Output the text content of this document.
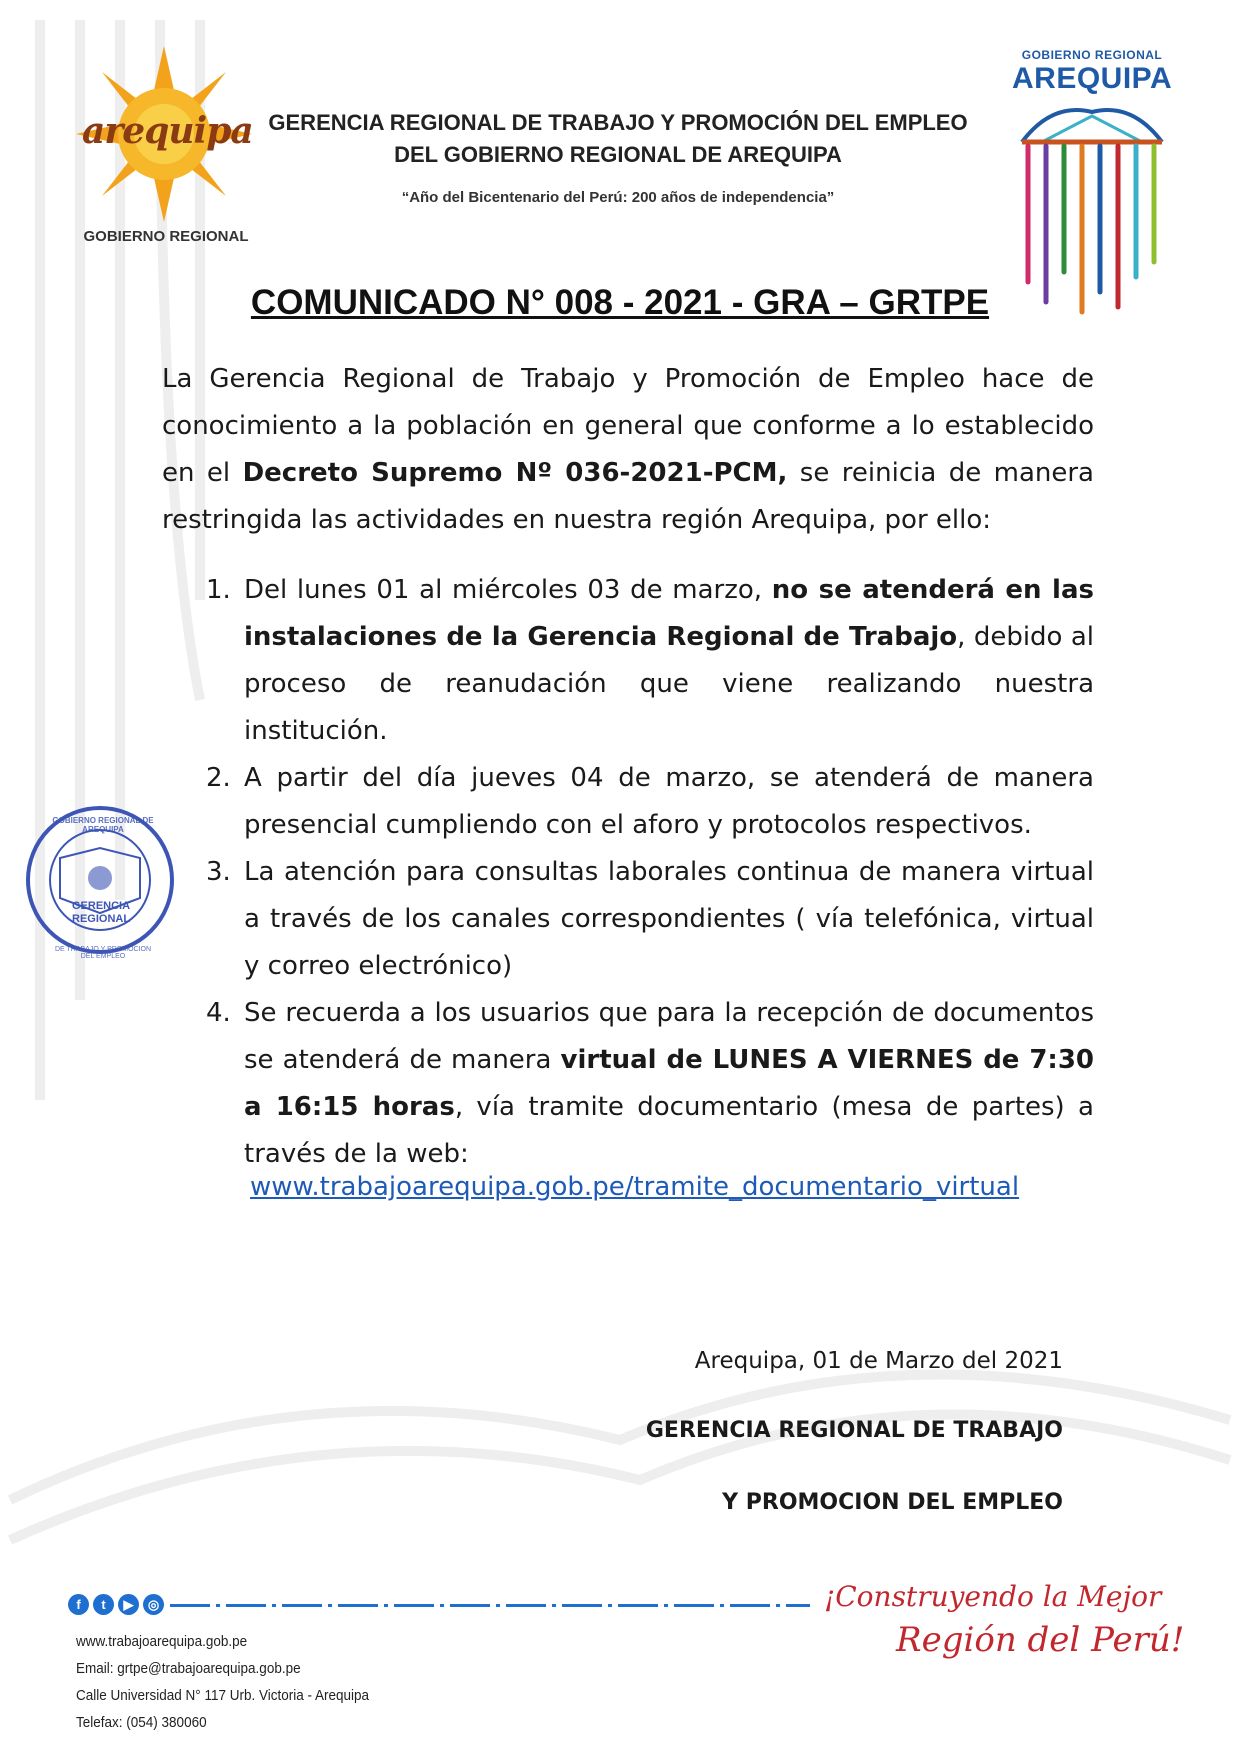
arequipa
GOBIERNO REGIONAL
GERENCIA REGIONAL DE TRABAJO Y PROMOCIÓN DEL EMPLEO
DEL GOBIERNO REGIONAL DE AREQUIPA
“Año del Bicentenario del Perú: 200 años de independencia”
GOBIERNO REGIONAL
AREQUIPA
COMUNICADO N° 008 - 2021 - GRA – GRTPE
La Gerencia Regional de Trabajo y Promoción de Empleo hace de conocimiento a la población en general que conforme a lo establecido en el Decreto Supremo Nº 036-2021-PCM, se reinicia de manera restringida las actividades en nuestra región Arequipa, por ello:
1. Del lunes 01 al miércoles 03 de marzo, no se atenderá en las instalaciones de la Gerencia Regional de Trabajo, debido al proceso de reanudación que viene realizando nuestra institución.
2. A partir del día jueves 04 de marzo, se atenderá de manera presencial cumpliendo con el aforo y protocolos respectivos.
3. La atención para consultas laborales continua de manera virtual a través de los canales correspondientes ( vía telefónica, virtual y correo electrónico)
4. Se recuerda a los usuarios que para la recepción de documentos se atenderá de manera virtual de LUNES A VIERNES de 7:30 a 16:15 horas, vía tramite documentario (mesa de partes) a través de la web:
www.trabajoarequipa.gob.pe/tramite_documentario_virtual
GERENCIA
REGIONAL
GOBIERNO REGIONAL DE AREQUIPA
DE TRABAJO Y PROMOCION DEL EMPLEO
Arequipa, 01 de Marzo del 2021
GERENCIA REGIONAL DE TRABAJO
Y PROMOCION DEL EMPLEO
f	t	▶	◎
www.trabajoarequipa.gob.pe
Email: grtpe@trabajoarequipa.gob.pe
Calle Universidad N° 117 Urb. Victoria - Arequipa
Telefax: (054) 380060
¡Construyendo la Mejor
Región del Perú!
